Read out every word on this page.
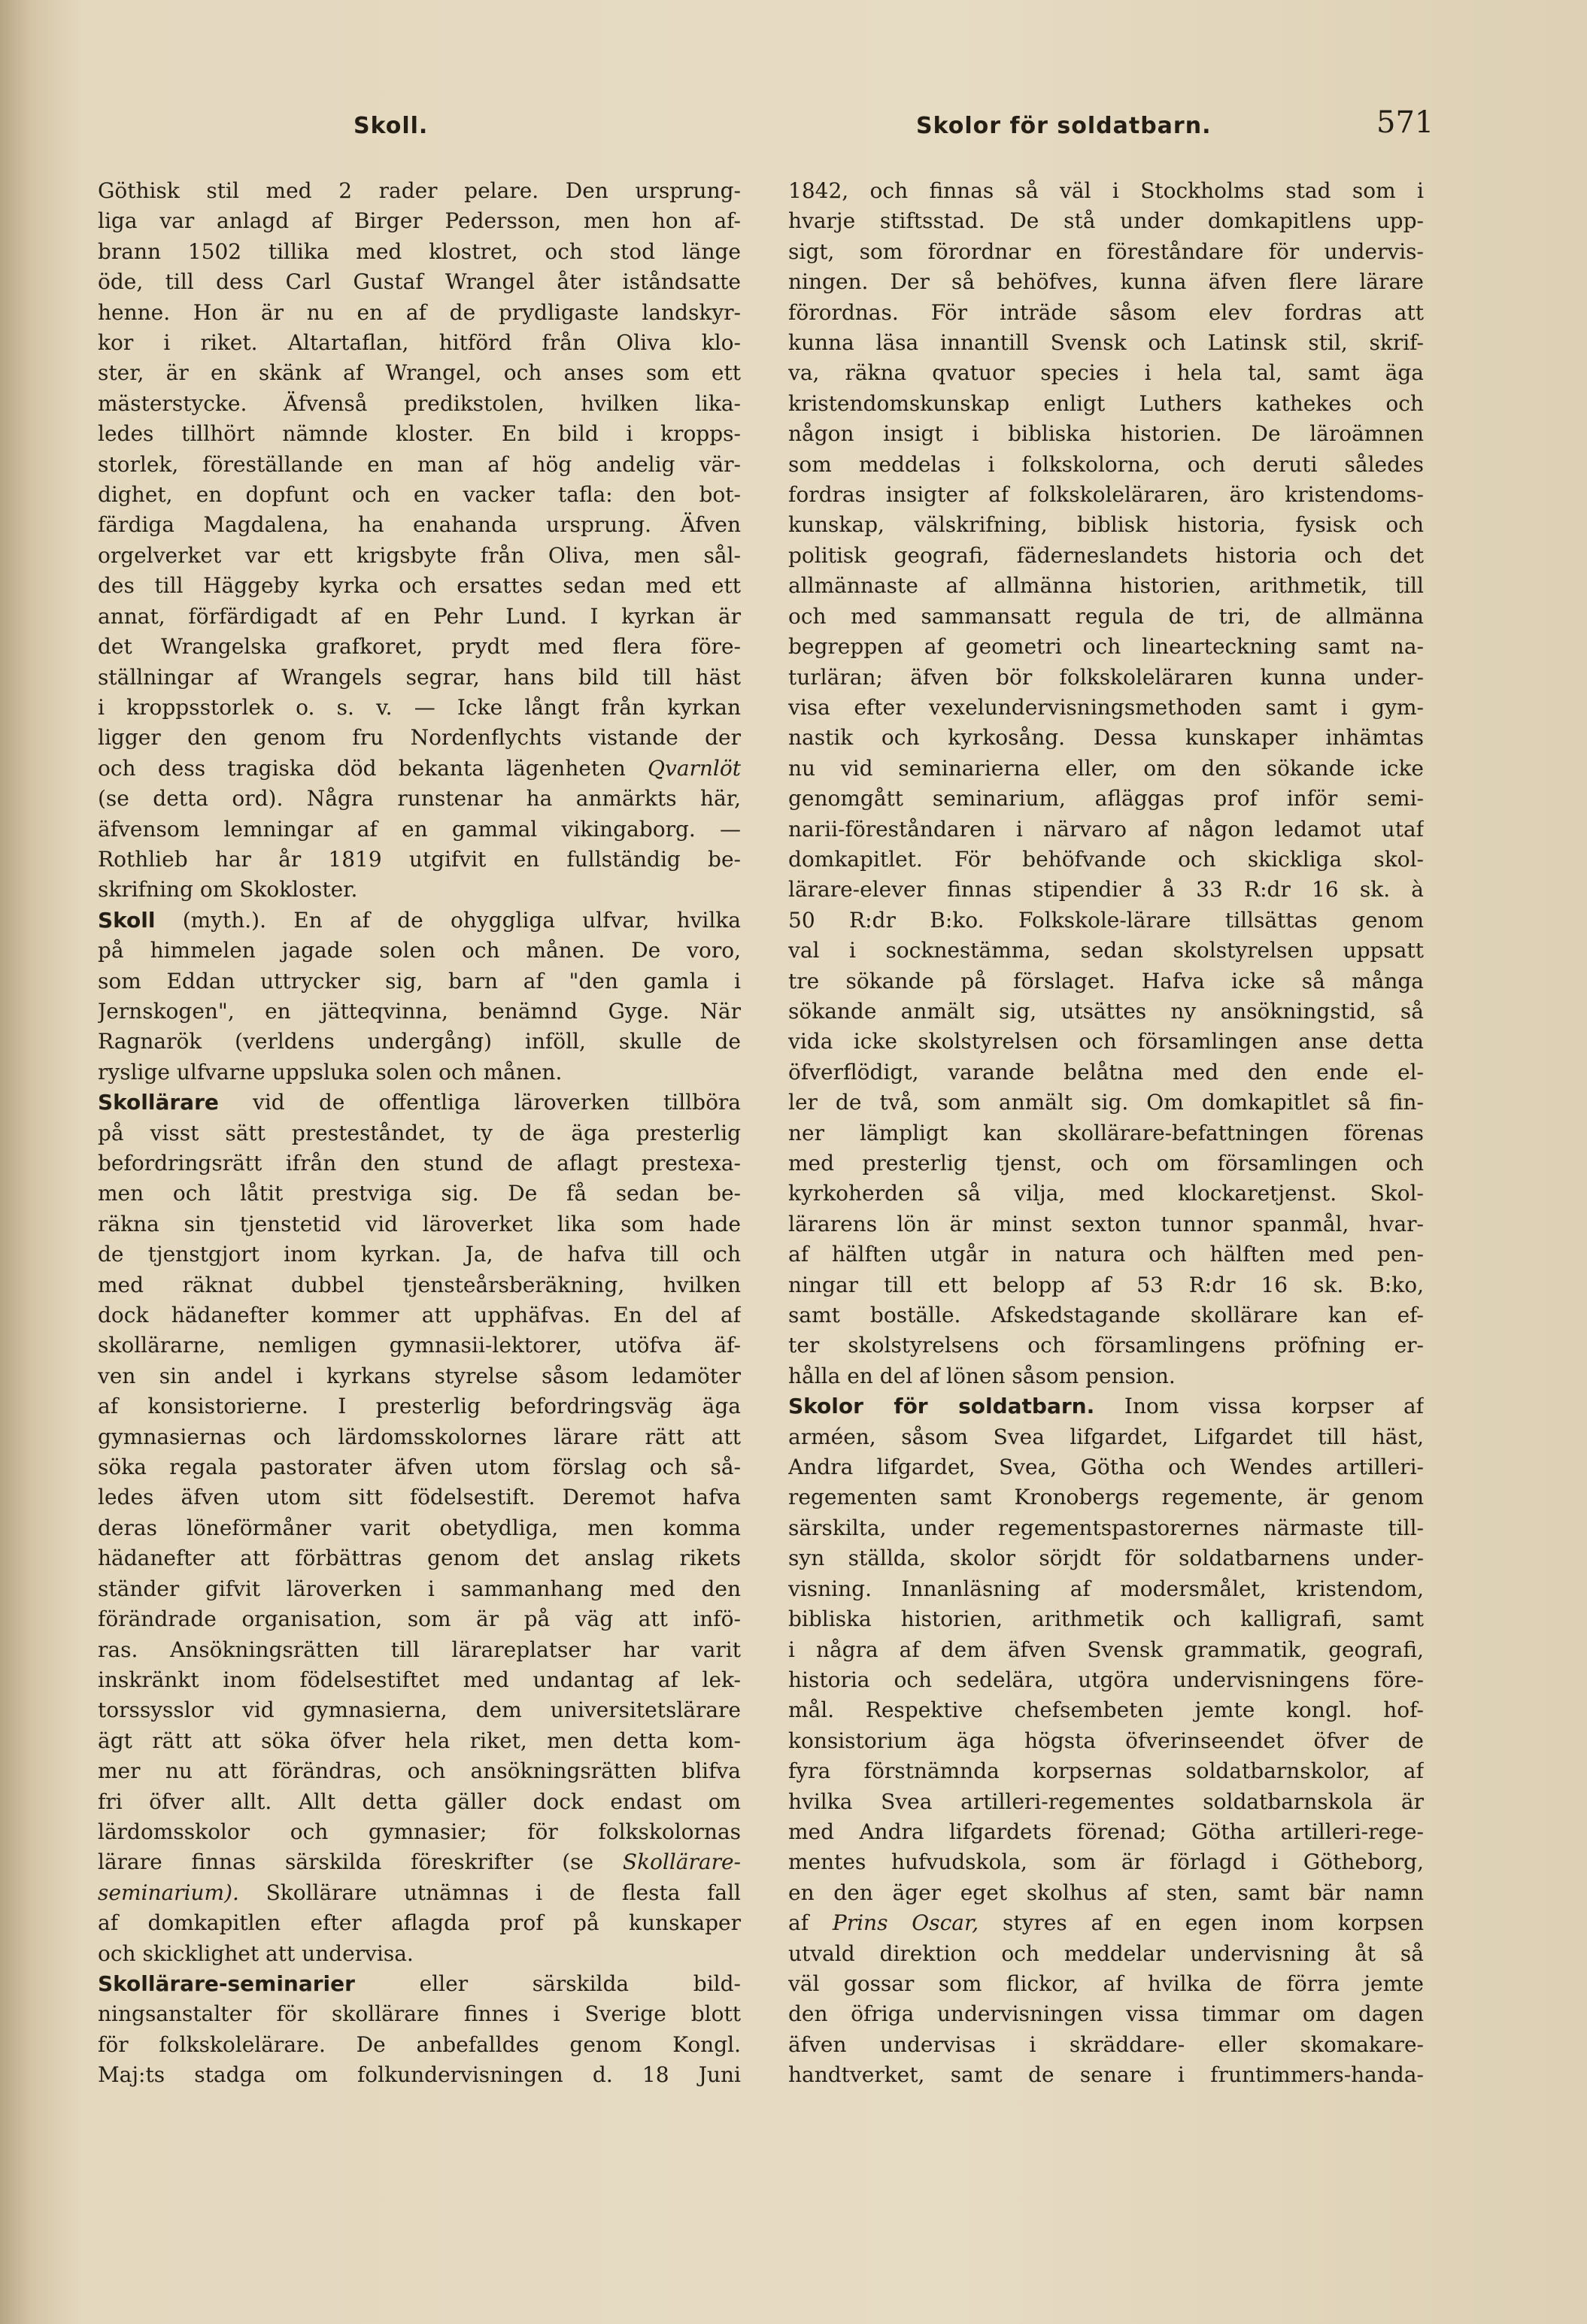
Skoll.	Skolor för soldatbarn.	571
Göthisk stil med 2 rader pelare. Den ursprung-
liga var anlagd af Birger Pedersson, men hon af-
brann 1502 tillika med klostret, och stod länge
öde, till dess Carl Gustaf Wrangel åter iståndsatte
henne. Hon är nu en af de prydligaste landskyr-
kor i riket. Altartaflan, hitförd från Oliva klo-
ster, är en skänk af Wrangel, och anses som ett
mästerstycke. Äfvenså predikstolen, hvilken lika-
ledes tillhört nämnde kloster. En bild i kropps-
storlek, föreställande en man af hög andelig vär-
dighet, en dopfunt och en vacker tafla: den bot-
färdiga Magdalena, ha enahanda ursprung. Äfven
orgelverket var ett krigsbyte från Oliva, men sål-
des till Häggeby kyrka och ersattes sedan med ett
annat, förfärdigadt af en Pehr Lund. I kyrkan är
det Wrangelska grafkoret, prydt med flera före-
ställningar af Wrangels segrar, hans bild till häst
i kroppsstorlek o. s. v. — Icke långt från kyrkan
ligger den genom fru Nordenflychts vistande der
och dess tragiska död bekanta lägenheten Qvarnlöt
(se detta ord). Några runstenar ha anmärkts här,
äfvensom lemningar af en gammal vikingaborg. —
Rothlieb har år 1819 utgifvit en fullständig be-
skrifning om Skokloster.
Skoll (myth.). En af de ohyggliga ulfvar, hvilka
på himmelen jagade solen och månen. De voro,
som Eddan uttrycker sig, barn af "den gamla i
Jernskogen", en jätteqvinna, benämnd Gyge. När
Ragnarök (verldens undergång) inföll, skulle de
ryslige ulfvarne uppsluka solen och månen.
Skollärare vid de offentliga läroverken tillböra
på visst sätt presteståndet, ty de äga presterlig
befordringsrätt ifrån den stund de aflagt prestexa-
men och låtit prestviga sig. De få sedan be-
räkna sin tjenstetid vid läroverket lika som hade
de tjenstgjort inom kyrkan. Ja, de hafva till och
med räknat dubbel tjensteårsberäkning, hvilken
dock hädanefter kommer att upphäfvas. En del af
skollärarne, nemligen gymnasii-lektorer, utöfva äf-
ven sin andel i kyrkans styrelse såsom ledamöter
af konsistorierne. I presterlig befordringsväg äga
gymnasiernas och lärdomsskolornes lärare rätt att
söka regala pastorater äfven utom förslag och så-
ledes äfven utom sitt födelsestift. Deremot hafva
deras löneförmåner varit obetydliga, men komma
hädanefter att förbättras genom det anslag rikets
ständer gifvit läroverken i sammanhang med den
förändrade organisation, som är på väg att infö-
ras. Ansökningsrätten till lärareplatser har varit
inskränkt inom födelsestiftet med undantag af lek-
torssysslor vid gymnasierna, dem universitetslärare
ägt rätt att söka öfver hela riket, men detta kom-
mer nu att förändras, och ansökningsrätten blifva
fri öfver allt. Allt detta gäller dock endast om
lärdomsskolor och gymnasier; för folkskolornas
lärare finnas särskilda föreskrifter (se Skollärare-
seminarium). Skollärare utnämnas i de flesta fall
af domkapitlen efter aflagda prof på kunskaper
och skicklighet att undervisa.
Skollärare-seminarier	eller särskilda bild-
ningsanstalter för skollärare finnes i Sverige blott
för folkskolelärare. De anbefalldes genom Kongl.
Maj:ts stadga om folkundervisningen d. 18 Juni
1842, och finnas så väl i Stockholms stad som i
hvarje stiftsstad. De stå under domkapitlens upp-
sigt, som förordnar en föreståndare för undervis-
ningen. Der så behöfves, kunna äfven flere lärare
förordnas. För inträde såsom elev fordras att
kunna läsa innantill Svensk och Latinsk stil, skrif-
va, räkna qvatuor species i hela tal, samt äga
kristendomskunskap enligt Luthers kathekes och
någon insigt i bibliska historien. De läroämnen
som meddelas i folkskolorna, och deruti således
fordras insigter af folkskoleläraren, äro kristendoms-
kunskap, välskrifning, biblisk historia, fysisk och
politisk geografi, fäderneslandets historia och det
allmännaste af allmänna historien, arithmetik, till
och med sammansatt regula de tri, de allmänna
begreppen af geometri och linearteckning samt na-
turläran; äfven bör folkskoleläraren kunna under-
visa efter vexelundervisningsmethoden samt i gym-
nastik och kyrkosång. Dessa kunskaper inhämtas
nu vid seminarierna eller, om den sökande icke
genomgått seminarium, afläggas prof inför semi-
narii-föreståndaren i närvaro af någon ledamot utaf
domkapitlet. För behöfvande och skickliga skol-
lärare-elever finnas stipendier å 33 R:dr 16 sk. à
50 R:dr B:ko. Folkskole-lärare tillsättas genom
val i socknestämma, sedan skolstyrelsen uppsatt
tre sökande på förslaget. Hafva icke så många
sökande anmält sig, utsättes ny ansökningstid, så
vida icke skolstyrelsen och församlingen anse detta
öfverflödigt, varande belåtna med den ende el-
ler de två, som anmält sig. Om domkapitlet så fin-
ner lämpligt kan skollärare-befattningen förenas
med presterlig tjenst, och om församlingen och
kyrkoherden så vilja, med klockaretjenst. Skol-
lärarens lön är minst sexton tunnor spanmål, hvar-
af hälften utgår in natura och hälften med pen-
ningar till ett belopp af 53 R:dr 16 sk. B:ko,
samt boställe. Afskedstagande skollärare kan ef-
ter skolstyrelsens och församlingens pröfning er-
hålla en del af lönen såsom pension.
Skolor för soldatbarn. Inom vissa korpser af
arméen, såsom Svea lifgardet, Lifgardet till häst,
Andra lifgardet, Svea, Götha och Wendes artilleri-
regementen samt Kronobergs regemente, är genom
särskilta, under regementspastorernes närmaste till-
syn ställda, skolor sörjdt för soldatbarnens under-
visning. Innanläsning af modersmålet, kristendom,
bibliska historien, arithmetik och kalligrafi, samt
i några af dem äfven Svensk grammatik, geografi,
historia och sedelära, utgöra undervisningens före-
mål. Respektive chefsembeten jemte kongl. hof-
konsistorium äga högsta öfverinseendet öfver de
fyra förstnämnda korpsernas soldatbarnskolor, af
hvilka Svea artilleri-regementes soldatbarnskola är
med Andra lifgardets förenad; Götha artilleri-rege-
mentes hufvudskola, som är förlagd i Götheborg,
en den äger eget skolhus af sten, samt bär namn
af Prins Oscar, styres af en egen inom korpsen
utvald direktion och meddelar undervisning åt så
väl gossar som flickor, af hvilka de förra jemte
den öfriga undervisningen vissa timmar om dagen
äfven undervisas i skräddare- eller skomakare-
handtverket, samt de senare i fruntimmers-handa-
